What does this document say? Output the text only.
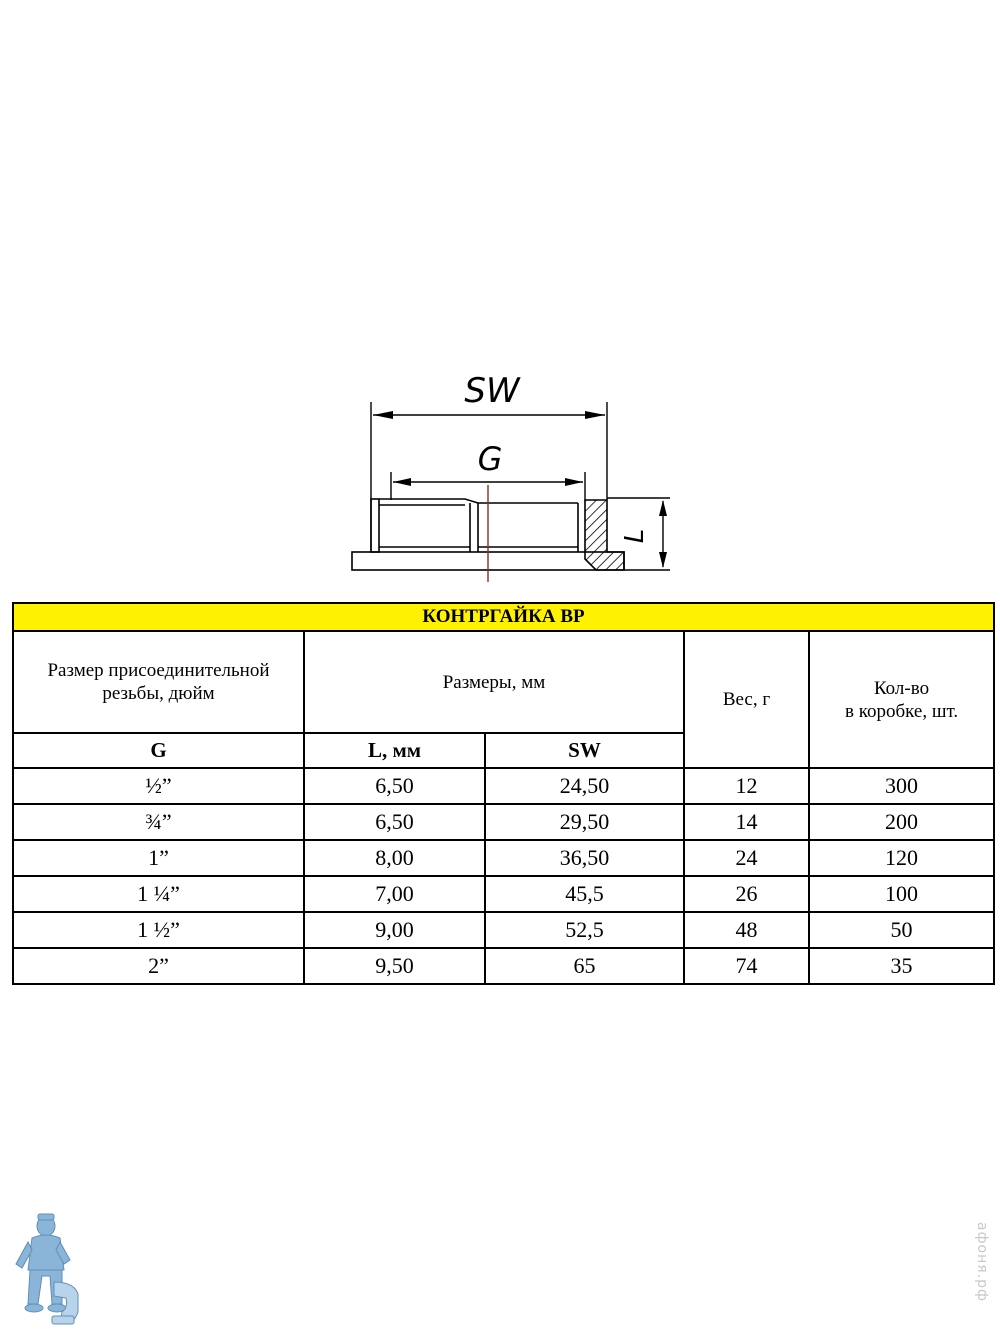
SW
G
L
КОНТРГАЙКА ВР				
Размер присоединительной резьбы, дюйм	Размеры, мм		Вес, г	Кол-во
в коробке, шт.
G	L, мм	SW		
½”	6,50	24,50	12	300
¾”	6,50	29,50	14	200
1”	8,00	36,50	24	120
1 ¼”	7,00	45,5	26	100
1 ½”	9,00	52,5	48	50
2”	9,50	65	74	35
афоня.рф
